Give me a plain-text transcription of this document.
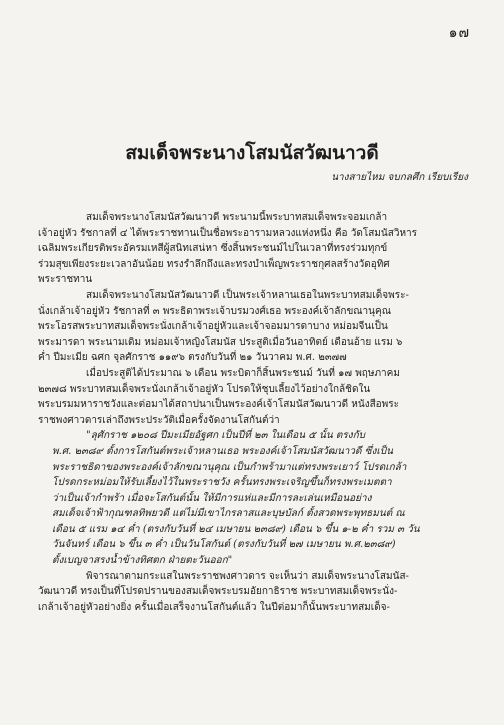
๑๗
สมเด็จพระนางโสมนัสวัฒนาวดี
นางสายไหม จบกลศึก เรียบเรียง

สมเด็จพระนางโสมนัสวัฒนาวดี พระนามนี้พระบาทสมเด็จพระจอมเกล้า
เจ้าอยู่หัว รัชกาลที่ ๔ ได้พระราชทานเป็นชื่อพระอารามหลวงแห่งหนึ่ง คือ วัดโสมนัสวิหาร
เฉลิมพระเกียรติพระอัครมเหสีผู้สนิทเสน่หา ซึ่งสิ้นพระชนม์ไปในเวลาที่ทรงร่วมทุกข์
ร่วมสุขเพียงระยะเวลาอันน้อย ทรงรำลึกถึงและทรงบำเพ็ญพระราชกุศลสร้างวัดอุทิศ
พระราชทาน

สมเด็จพระนางโสมนัสวัฒนาวดี เป็นพระเจ้าหลานเธอในพระบาทสมเด็จพระ-
นั่งเกล้าเจ้าอยู่หัว รัชกาลที่ ๓ พระธิดาพระเจ้าบรมวงศ์เธอ พระองค์เจ้าลักขณานุคุณ
พระโอรสพระบาทสมเด็จพระนั่งเกล้าเจ้าอยู่หัวและเจ้าจอมมารดาบาง หม่อมจีนเป็น
พระมารดา พระนามเดิม หม่อมเจ้าหญิงโสมนัส ประสูติเมื่อวันอาทิตย์ เดือนอ้าย แรม ๖
ค่ำ ปีมะเมีย ฉศก จุลศักราช ๑๑๙๖ ตรงกับวันที่ ๒๑ วันวาคม พ.ศ. ๒๓๗๗

เมื่อประสูติได้ประมาณ ๖ เดือน พระบิดาก็สิ้นพระชนม์ วันที่ ๑๗ พฤษภาคม
๒๓๗๘ พระบาทสมเด็จพระนั่งเกล้าเจ้าอยู่หัว โปรดให้ชุบเลี้ยงไว้อย่างใกล้ชิดใน
พระบรมมหาราชวังและต่อมาได้สถาปนาเป็นพระองค์เจ้าโสมนัสวัฒนาวดี หนังสือพระ
ราชพงศาวดารเล่าถึงพระประวัติเมื่อครั้งจัดงานโสกันต์ว่า

"ลุศักราช ๑๒๐๘ ปีมะเมียอัฐศก เป็นปีที่ ๒๓ ในเดือน ๕ นั้น ตรงกับ
พ.ศ. ๒๓๘๙ ตั้งการโสกันต์พระเจ้าหลานเธอ พระองค์เจ้าโสมนัสวัฒนาวดี ซึ่งเป็น
พระราชธิดาของพระองค์เจ้าลักขณานุคุณ เป็นกำพร้ามาแต่ทรงพระเยาว์ โปรดเกล้า
โปรดกระหม่อมให้รับเลี้ยงไว้ในพระราชวัง ครั้นทรงพระเจริญขึ้นก็ทรงพระเมตตา
ว่าเป็นเจ้ากำพร้า เมื่อจะโสกันต์นั้น ให้มีการแห่และมีการละเล่นเหมือนอย่าง
สมเด็จเจ้าฟ้ากุณฑลทิพยวดี แต่ไม่มีเขาไกรลาสและบุษบัลก์ ตั้งสวดพระพุทธมนต์ ณ
เดือน ๕ แรม ๑๔ ค่ำ (ตรงกับวันที่ ๒๔ เมษายน ๒๓๘๙) เดือน ๖ ขึ้น ๑-๒ ค่ำ รวม ๓ วัน
วันจันทร์ เดือน ๖ ขึ้น ๓ ค่ำ เป็นวันโสกันต์ (ตรงกับวันที่ ๒๗ เมษายน พ.ศ.๒๓๘๙)
ตั้งเบญจาสรงน้ำข้างทิศตก ฝ่ายตะวันออก"

พิจารณาตามกระแสในพระราชพงศาวดาร จะเห็นว่า สมเด็จพระนางโสมนัส-
วัฒนาวดี ทรงเป็นที่โปรดปรานของสมเด็จพระบรมอัยกาธิราช พระบาทสมเด็จพระนั่ง-
เกล้าเจ้าอยู่หัวอย่างยิ่ง ครั้นเมื่อเสร็จงานโสกันต์แล้ว ในปีต่อมาก็นั้นพระบาทสมเด็จ-
